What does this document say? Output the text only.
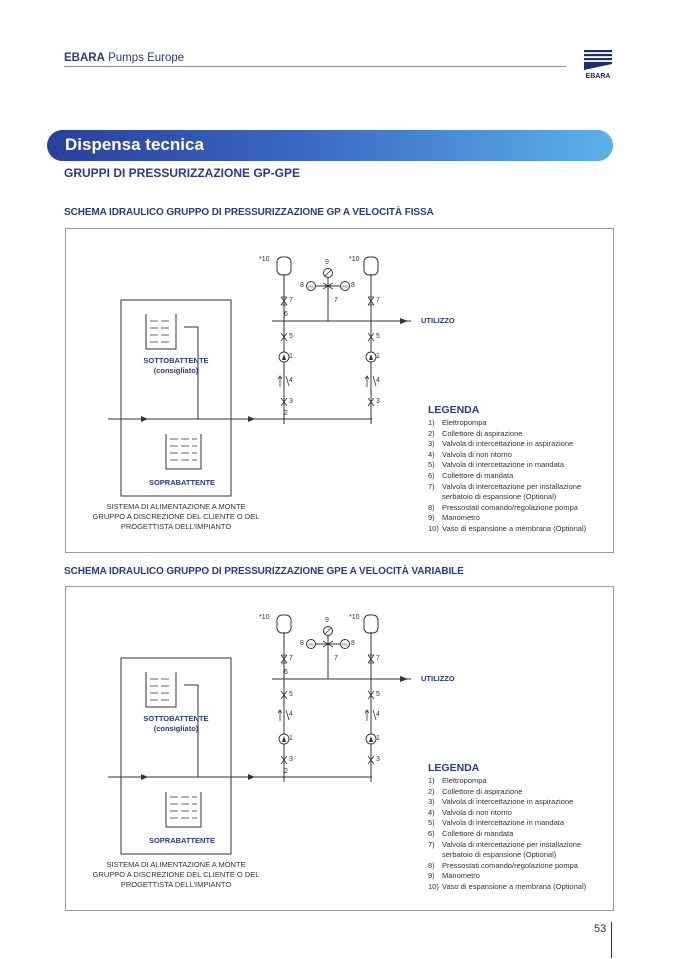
EBARA Pumps Europe
EBARA
Dispensa tecnica
GRUPPI DI PRESSURIZZAZIONE GP-GPE
SCHEMA IDRAULICO GRUPPO DI PRESSURIZZAZIONE GP A VELOCITÀ FISSA
PS	PS
*10	*10
9
8	8
7	7	7
6
5	5
1	1
4	4
3	3
2
UTILIZZO
SOTTOBATTENTE
(consigliato)
SOPRABATTENTE
SISTEMA DI ALIMENTAZIONE A MONTE
GRUPPO A DISCREZIONE DEL CLIENTE O DEL
PROGETTISTA DELL'IMPIANTO
LEGENDA
1) Elettropompa
2) Collettore di aspirazione
3) Valvola di intercettazione in aspirazione
4) Valvola di non ritorno
5) Valvola di intercettazione in mandata
6) Collettore di mandata
7) Valvola di intercettazione per installazione
serbatoio di espansione (Optional)
8) Pressostati comando/regolazione pompa
9) Manometro
10) Vaso di espansione a membrana (Optional)
SCHEMA IDRAULICO GRUPPO DI PRESSURIZZAZIONE GPE A VELOCITÀ VARIABILE
PS	PS
*10	*10
9
8	8
7	7	7
6
5	5
1	1
4	4
3	3
2
UTILIZZO
SOTTOBATTENTE
(consigliato)
SOPRABATTENTE
SISTEMA DI ALIMENTAZIONE A MONTE
GRUPPO A DISCREZIONE DEL CLIENTE O DEL
PROGETTISTA DELL'IMPIANTO
LEGENDA
1) Elettropompa
2) Collettore di aspirazione
3) Valvola di intercettazione in aspirazione
4) Valvola di non ritorno
5) Valvola di intercettazione in mandata
6) Collettore di mandata
7) Valvola di intercettazione per installazione
serbatoio di espansione (Optional)
8) Pressostati comando/regolazione pompa
9) Manometro
10) Vaso di espansione a membrana (Optional)
53
